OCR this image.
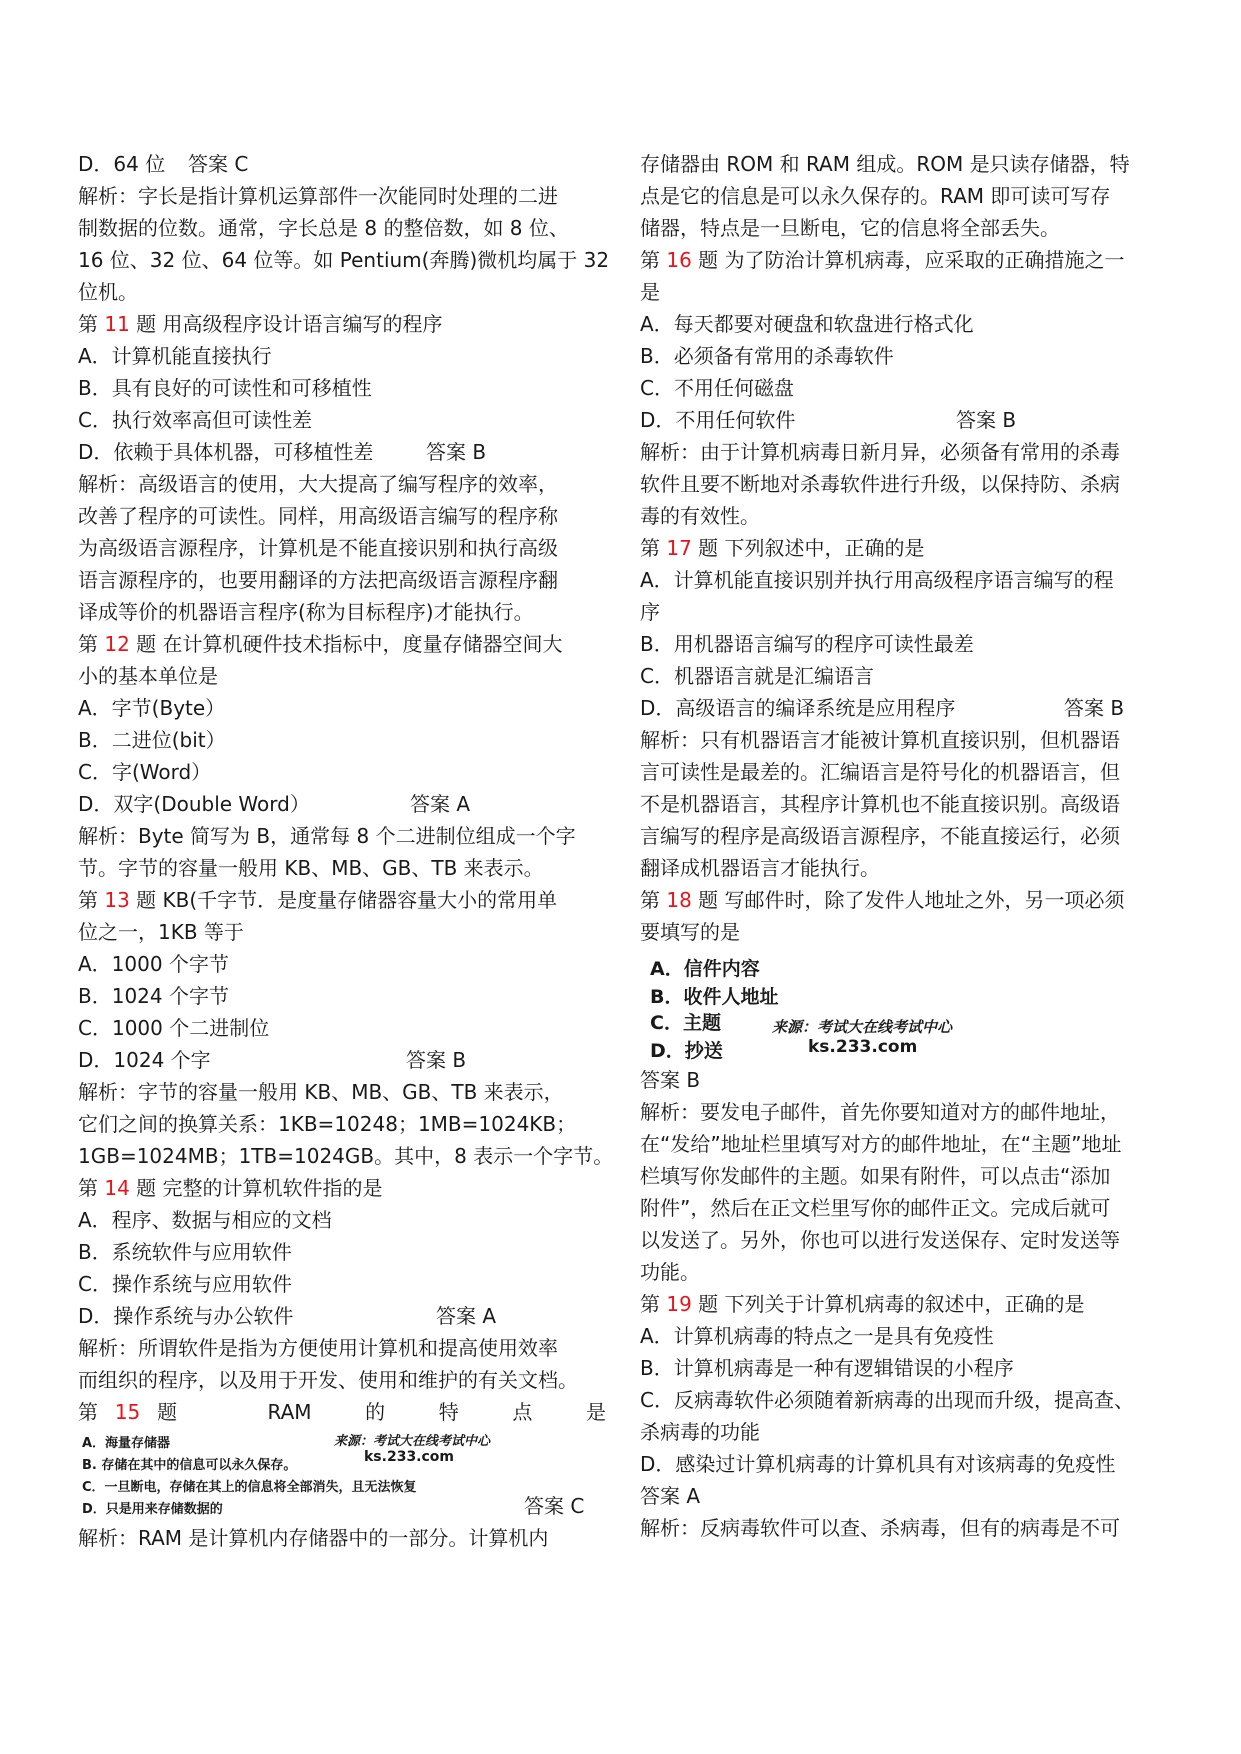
D．64 位 答案 C
解析：字长是指计算机运算部件一次能同时处理的二进
制数据的位数。通常，字长总是 8 的整倍数，如 8 位、
16 位、32 位、64 位等。如 Pentium(奔腾)微机均属于 32
位机。
第 11 题 用高级程序设计语言编写的程序
A．计算机能直接执行
B．具有良好的可读性和可移植性
C．执行效率高但可读性差
D．依赖于具体机器，可移植性差	答案 B
解析：高级语言的使用，大大提高了编写程序的效率，
改善了程序的可读性。同样，用高级语言编写的程序称
为高级语言源程序，计算机是不能直接识别和执行高级
语言源程序的，也要用翻译的方法把高级语言源程序翻
译成等价的机器语言程序(称为目标程序)才能执行。
第 12 题 在计算机硬件技术指标中，度量存储器空间大
小的基本单位是
A．字节(Byte）
B．二进位(bit）
C．字(Word）
D．双字(Double Word）	答案 A
解析：Byte 简写为 B，通常每 8 个二进制位组成一个字
节。字节的容量一般用 KB、MB、GB、TB 来表示。
第 13 题 KB(千字节．是度量存储器容量大小的常用单
位之一，1KB 等于
A．1000 个字节
B．1024 个字节
C．1000 个二进制位
D．1024 个字	答案 B
解析：字节的容量一般用 KB、MB、GB、TB 来表示，
它们之间的换算关系：1KB=10248；1MB=1024KB；
1GB=1024MB；1TB=1024GB。其中，8 表示一个字节。
第 14 题 完整的计算机软件指的是
A．程序、数据与相应的文档
B．系统软件与应用软件
C．操作系统与应用软件
D．操作系统与办公软件	答案 A
解析：所谓软件是指为方便使用计算机和提高使用效率
而组织的程序，以及用于开发、使用和维护的有关文档。
第15题　　RAM　的　特　点　是
A．海量存储器
B. 存储在其中的信息可以永久保存。
C．一旦断电，存储在其上的信息将全部消失，且无法恢复
D．只是用来存储数据的
来源：考试大在线考试中心
ks.233.com
答案 C
解析：RAM 是计算机内存储器中的一部分。计算机内
存储器由 ROM 和 RAM 组成。ROM 是只读存储器，特
点是它的信息是可以永久保存的。RAM 即可读可写存
储器，特点是一旦断电，它的信息将全部丢失。
第 16 题 为了防治计算机病毒，应采取的正确措施之一
是
A．每天都要对硬盘和软盘进行格式化
B．必须备有常用的杀毒软件
C．不用任何磁盘
D．不用任何软件	答案 B
解析：由于计算机病毒日新月异，必须备有常用的杀毒
软件且要不断地对杀毒软件进行升级，以保持防、杀病
毒的有效性。
第 17 题 下列叙述中，正确的是
A．计算机能直接识别并执行用高级程序语言编写的程
序
B．用机器语言编写的程序可读性最差
C．机器语言就是汇编语言
D．高级语言的编译系统是应用程序	答案 B
解析：只有机器语言才能被计算机直接识别，但机器语
言可读性是最差的。汇编语言是符号化的机器语言，但
不是机器语言，其程序计算机也不能直接识别。高级语
言编写的程序是高级语言源程序，不能直接运行，必须
翻译成机器语言才能执行。
第 18 题 写邮件时，除了发件人地址之外，另一项必须
要填写的是
A．信件内容
B．收件人地址
C．主题
D．抄送
来源：考试大在线考试中心
ks.233.com
答案 B
解析：要发电子邮件，首先你要知道对方的邮件地址，
在“发给”地址栏里填写对方的邮件地址，在“主题”地址
栏填写你发邮件的主题。如果有附件，可以点击“添加
附件”，然后在正文栏里写你的邮件正文。完成后就可
以发送了。另外，你也可以进行发送保存、定时发送等
功能。
第 19 题 下列关于计算机病毒的叙述中，正确的是
A．计算机病毒的特点之一是具有免疫性
B．计算机病毒是一种有逻辑错误的小程序
C．反病毒软件必须随着新病毒的出现而升级，提高查、
杀病毒的功能
D．感染过计算机病毒的计算机具有对该病毒的免疫性
答案 A
解析：反病毒软件可以查、杀病毒，但有的病毒是不可
